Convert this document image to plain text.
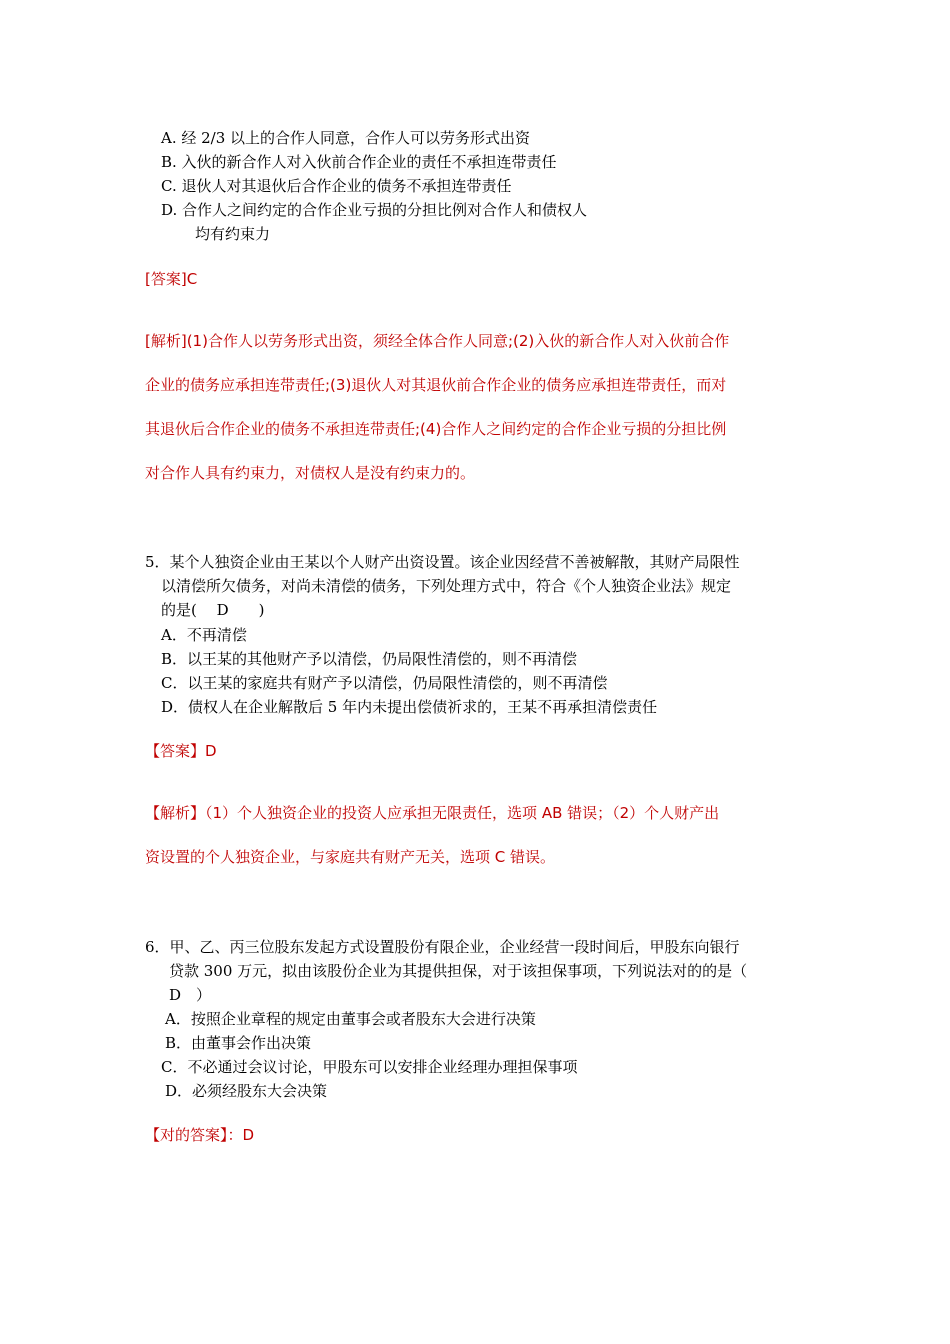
A. 经 2/3 以上的合作人同意，合作人可以劳务形式出资
B. 入伙的新合作人对入伙前合作企业的责任不承担连带责任
C. 退伙人对其退伙后合作企业的债务不承担连带责任
D. 合作人之间约定的合作企业亏损的分担比例对合作人和债权人
均有约束力
[答案]C
[解析](1)合作人以劳务形式出资，须经全体合作人同意;(2)入伙的新合作人对入伙前合作
企业的债务应承担连带责任;(3)退伙人对其退伙前合作企业的债务应承担连带责任，而对
其退伙后合作企业的债务不承担连带责任;(4)合作人之间约定的合作企业亏损的分担比例
对合作人具有约束力，对债权人是没有约束力的。
5．某个人独资企业由王某以个人财产出资设置。该企业因经营不善被解散，其财产局限性
以清偿所欠债务，对尚未清偿的债务，下列处理方式中，符合《个人独资企业法》规定
的是(　 D　　)
A．不再清偿
B．以王某的其他财产予以清偿，仍局限性清偿的，则不再清偿
C．以王某的家庭共有财产予以清偿，仍局限性清偿的，则不再清偿
D．债权人在企业解散后 5 年内未提出偿债祈求的，王某不再承担清偿责任
【答案】D
【解析】（1）个人独资企业的投资人应承担无限责任，选项 AB 错误；（2）个人财产出
资设置的个人独资企业，与家庭共有财产无关，选项 C 错误。
6．甲、乙、丙三位股东发起方式设置股份有限企业，企业经营一段时间后，甲股东向银行
贷款 300 万元，拟由该股份企业为其提供担保，对于该担保事项，下列说法对的的是（
D　）
A．按照企业章程的规定由董事会或者股东大会进行决策
B．由董事会作出决策
C．不必通过会议讨论，甲股东可以安排企业经理办理担保事项
D．必须经股东大会决策
【对的答案】：D
